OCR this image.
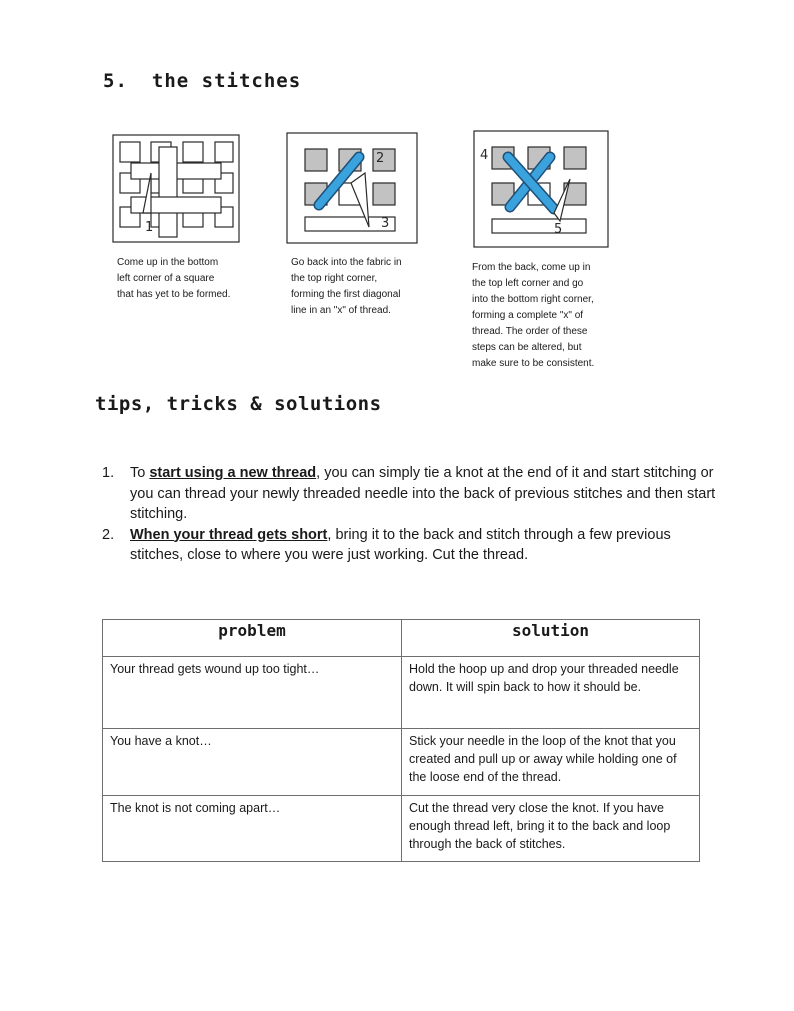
5. the stitches
1
2
3
4
5
Come up in the bottom
left corner of a square
that has yet to be formed.
Go back into the fabric in
the top right corner,
forming the first diagonal
line in an "x" of thread.
From the back, come up in
the top left corner and go
into the bottom right corner,
forming a complete "x" of
thread. The order of these
steps can be altered, but
make sure to be consistent.
tips, tricks & solutions
1. To start using a new thread, you can simply tie a knot at the end of it and start stitching or you can thread your newly threaded needle into the back of previous stitches and then start stitching.
2. When your thread gets short, bring it to the back and stitch through a few previous stitches, close to where you were just working. Cut the thread.
problem	solution
Your thread gets wound up too tight…	Hold the hoop up and drop your threaded needle down. It will spin back to how it should be.
You have a knot…	Stick your needle in the loop of the knot that you created and pull up or away while holding one of the loose end of the thread.
The knot is not coming apart…	Cut the thread very close the knot. If you have enough thread left, bring it to the back and loop through the back of stitches.
